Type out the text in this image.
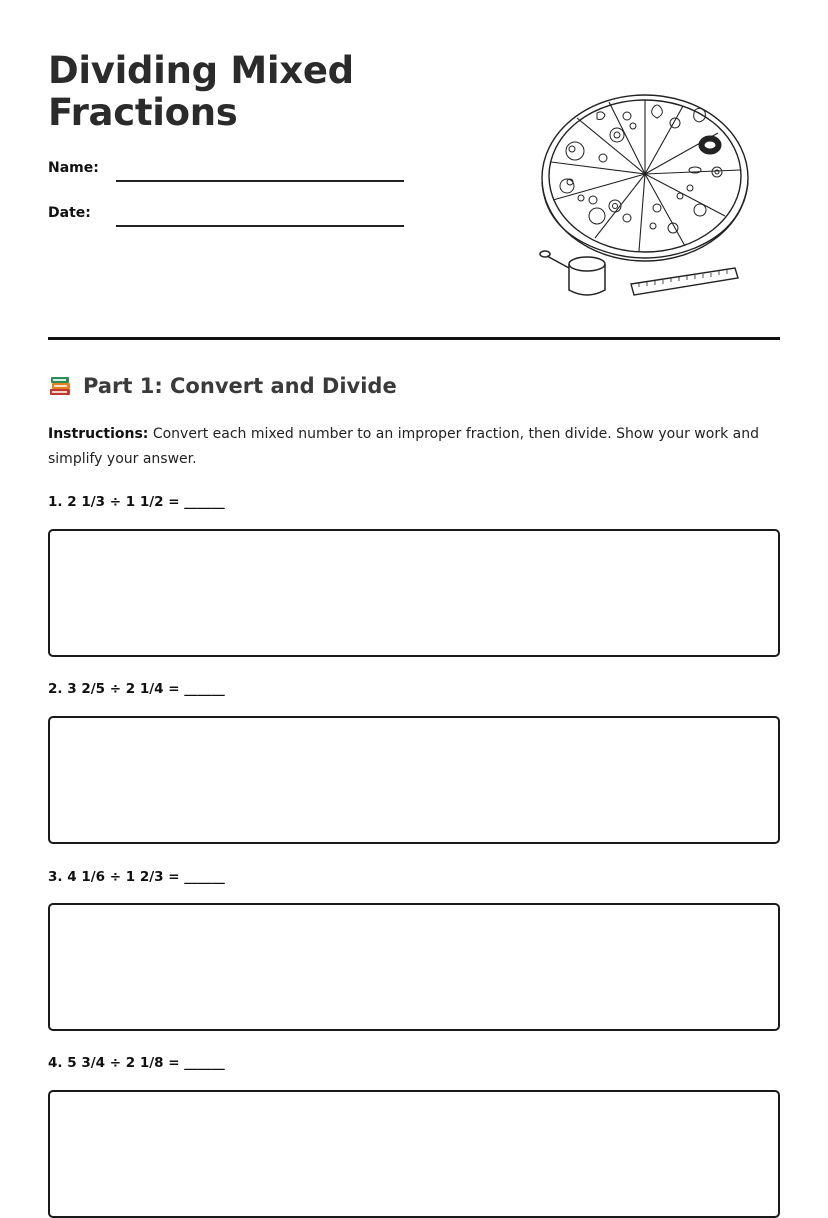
Dividing Mixed
Fractions
Name:
Date:
Part 1: Convert and Divide

Instructions: Convert each mixed number to an improper fraction, then divide. Show your work and simplify your answer.

1. 2 1/3 ÷ 1 1/2 = ______
2. 3 2/5 ÷ 2 1/4 = ______
3. 4 1/6 ÷ 1 2/3 = ______
4. 5 3/4 ÷ 2 1/8 = ______
